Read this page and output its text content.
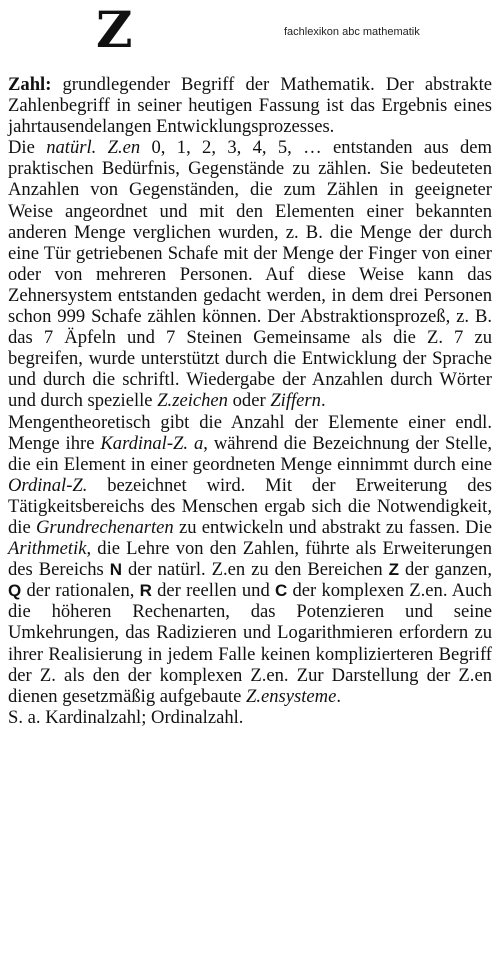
Z	fachlexikon abc mathematik

Zahl: grundlegender Begriff der Mathematik. Der abstrakte Zahlenbegriff in seiner heutigen Fassung ist das Ergebnis eines jahrtausendelangen Entwicklungsprozesses.

Die natürl. Z.en 0, 1, 2, 3, 4, 5, … entstanden aus dem praktischen Bedürfnis, Gegenstände zu zählen. Sie bedeuteten Anzahlen von Gegenständen, die zum Zählen in geeigneter Weise angeordnet und mit den Elementen einer bekannten anderen Menge verglichen wurden, z. B. die Menge der durch eine Tür getriebenen Schafe mit der Menge der Finger von einer oder von mehreren Personen. Auf diese Weise kann das Zehnersystem entstanden gedacht werden, in dem drei Personen schon 999 Schafe zählen können. Der Abstraktionsprozeß, z. B. das 7 Äpfeln und 7 Steinen Gemeinsame als die Z. 7 zu begreifen, wurde unterstützt durch die Entwicklung der Sprache und durch die schriftl. Wiedergabe der Anzahlen durch Wörter und durch spezielle Z.zeichen oder Ziffern.

Mengentheoretisch gibt die Anzahl der Elemente einer endl. Menge ihre Kardinal-Z. a, während die Bezeichnung der Stelle, die ein Element in einer geordneten Menge einnimmt durch eine Ordinal-Z. bezeichnet wird. Mit der Erweiterung des Tätigkeitsbereichs des Menschen ergab sich die Notwendigkeit, die Grundrechenarten zu entwickeln und abstrakt zu fassen. Die Arithmetik, die Lehre von den Zahlen, führte als Erweiterungen des Bereichs N der natürl. Z.en zu den Bereichen Z der ganzen, Q der rationalen, R der reellen und C der komplexen Z.en. Auch die höheren Rechenarten, das Potenzieren und seine Umkehrungen, das Radizieren und Logarithmieren erfordern zu ihrer Realisierung in jedem Falle keinen komplizierteren Begriff der Z. als den der komplexen Z.en. Zur Darstellung der Z.en dienen gesetzmäßig aufgebaute Z.ensysteme.

S. a. Kardinalzahl; Ordinalzahl.
